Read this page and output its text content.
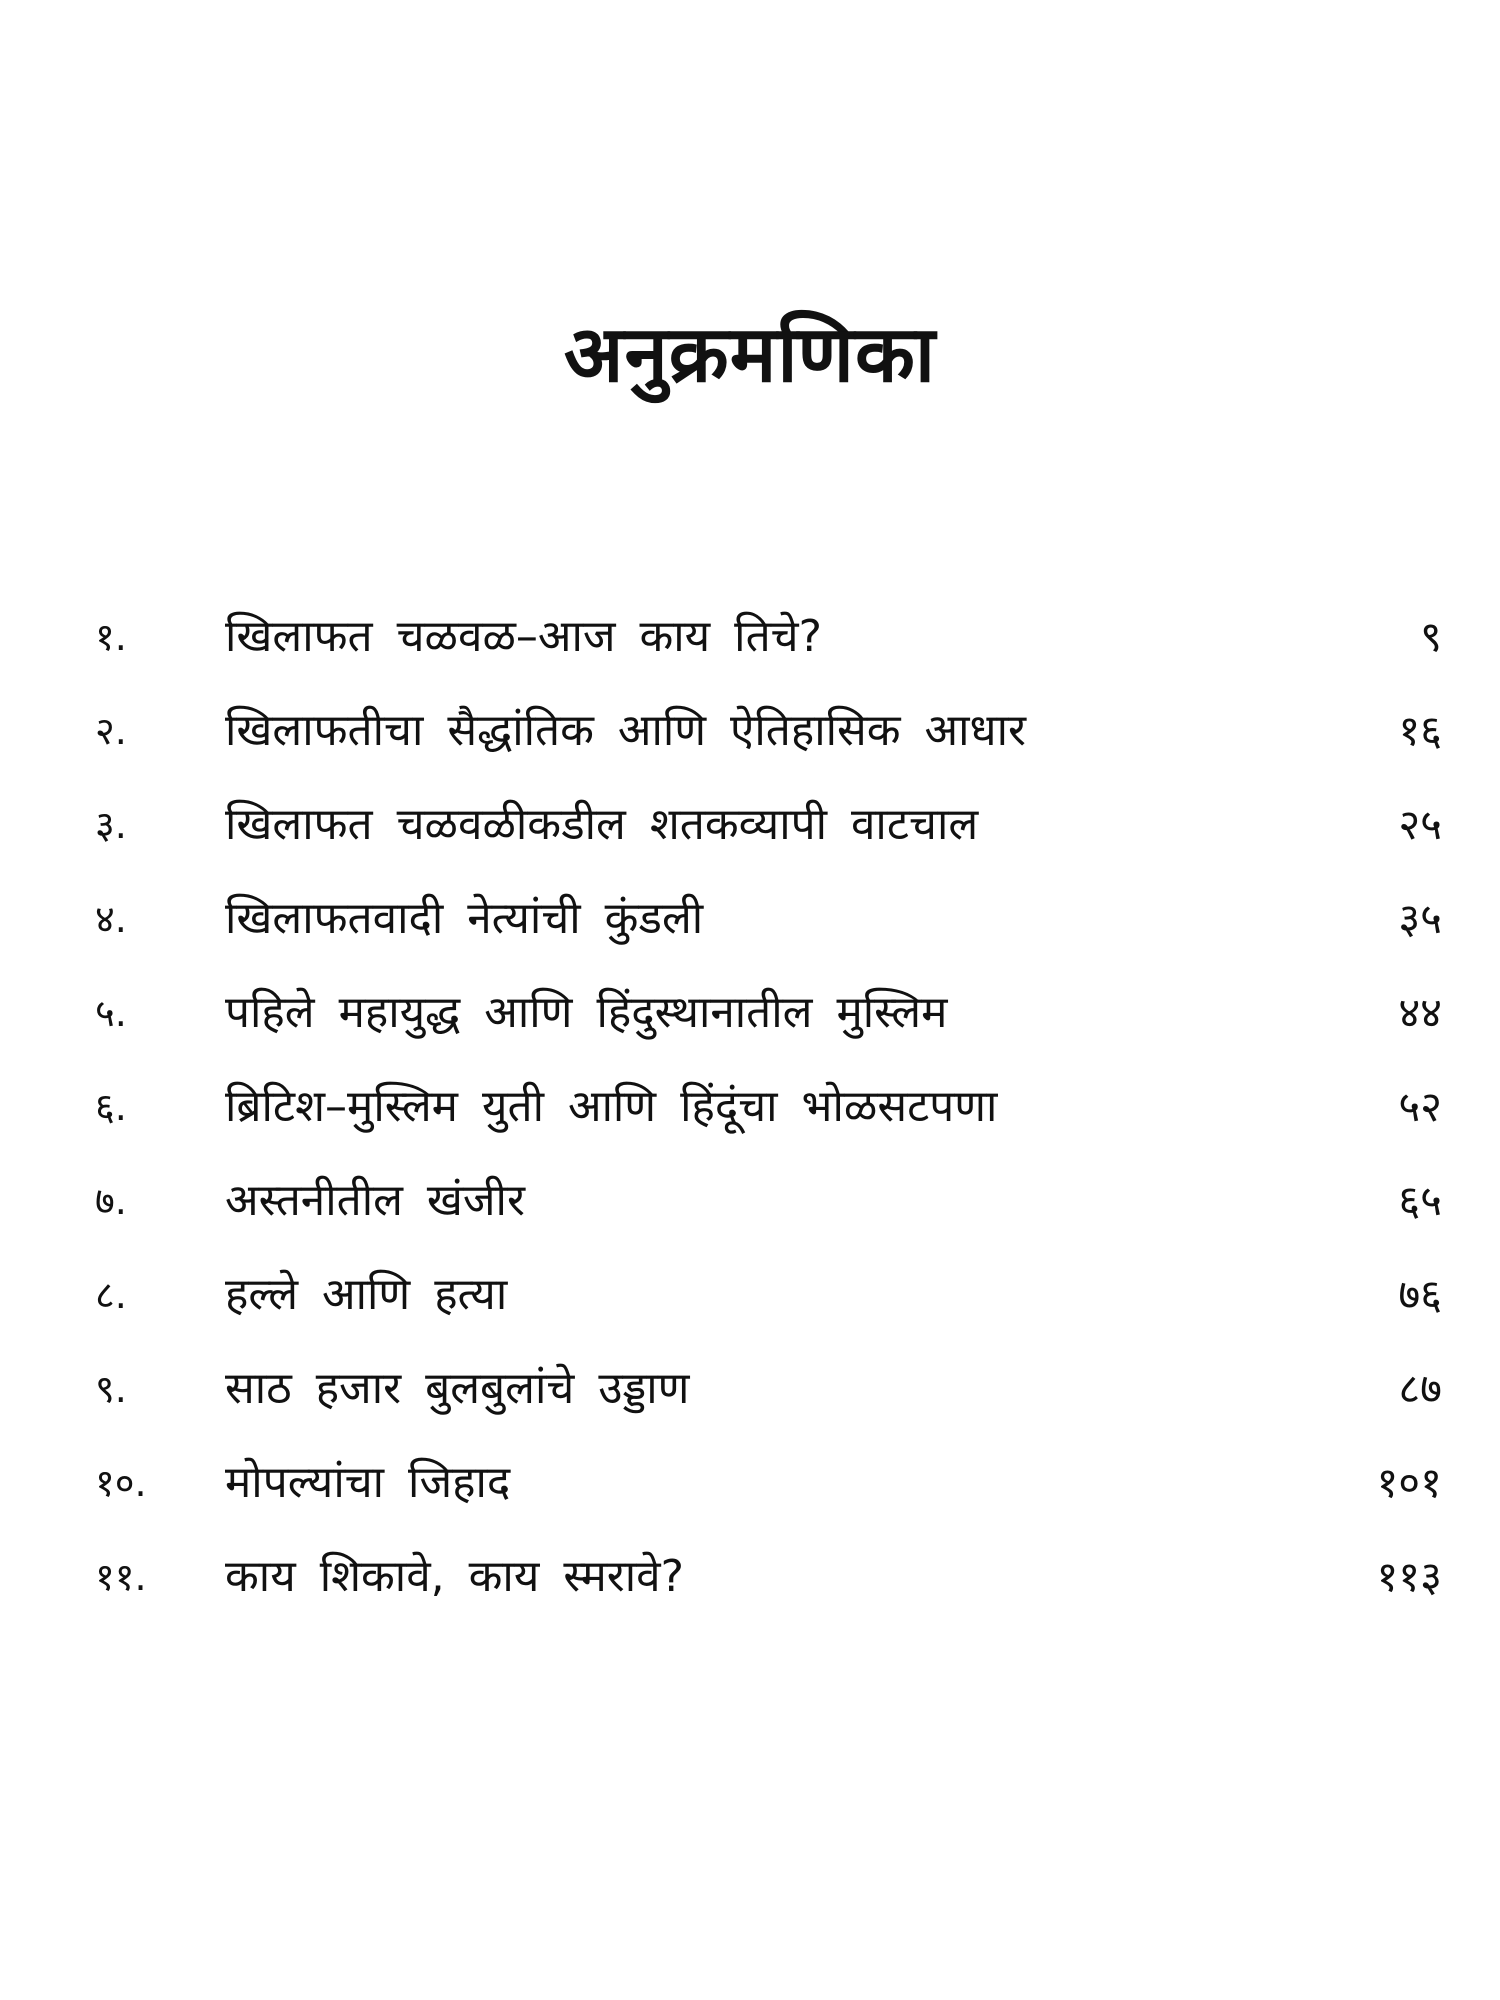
अनुक्रमणिका
१.	खिलाफत चळवळ–आज काय तिचे?	९
२.	खिलाफतीचा सैद्धांतिक आणि ऐतिहासिक आधार	१६
३.	खिलाफत चळवळीकडील शतकव्यापी वाटचाल	२५
४.	खिलाफतवादी नेत्यांची कुंडली	३५
५.	पहिले महायुद्ध आणि हिंदुस्थानातील मुस्लिम	४४
६.	ब्रिटिश–मुस्लिम युती आणि हिंदूंचा भोळसटपणा	५२
७.	अस्तनीतील खंजीर	६५
८.	हल्ले आणि हत्या	७६
९.	साठ हजार बुलबुलांचे उड्डाण	८७
१०.	मोपल्यांचा जिहाद	१०१
११.	काय शिकावे, काय स्मरावे?	११३
